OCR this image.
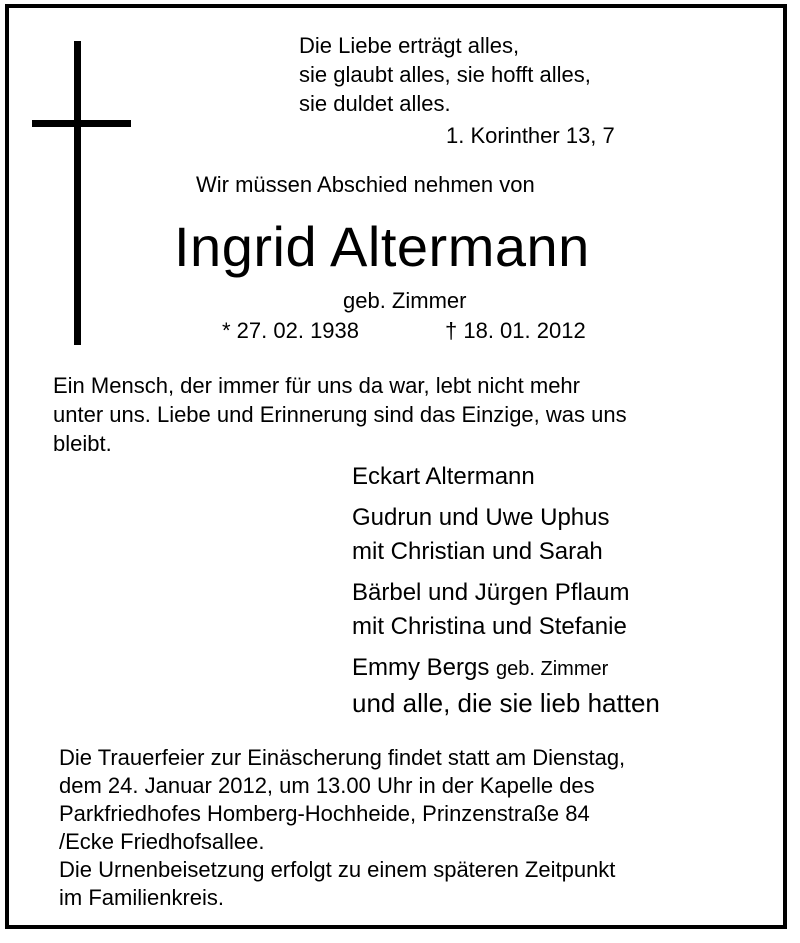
Die Liebe erträgt alles,
sie glaubt alles, sie hofft alles,
sie duldet alles.
1. Korinther 13, 7
Wir müssen Abschied nehmen von
Ingrid Altermann
geb. Zimmer
* 27. 02. 1938	† 18. 01. 2012
Ein Mensch, der immer für uns da war, lebt nicht mehr
unter uns. Liebe und Erinnerung sind das Einzige, was uns
bleibt.
Eckart Altermann
Gudrun und Uwe Uphus
mit Christian und Sarah
Bärbel und Jürgen Pflaum
mit Christina und Stefanie
Emmy Bergs geb. Zimmer
und alle, die sie lieb hatten
Die Trauerfeier zur Einäscherung findet statt am Dienstag,
dem 24. Januar 2012, um 13.00 Uhr in der Kapelle des
Parkfriedhofes Homberg-Hochheide, Prinzenstraße 84
/Ecke Friedhofsallee.
Die Urnenbeisetzung erfolgt zu einem späteren Zeitpunkt
im Familienkreis.
